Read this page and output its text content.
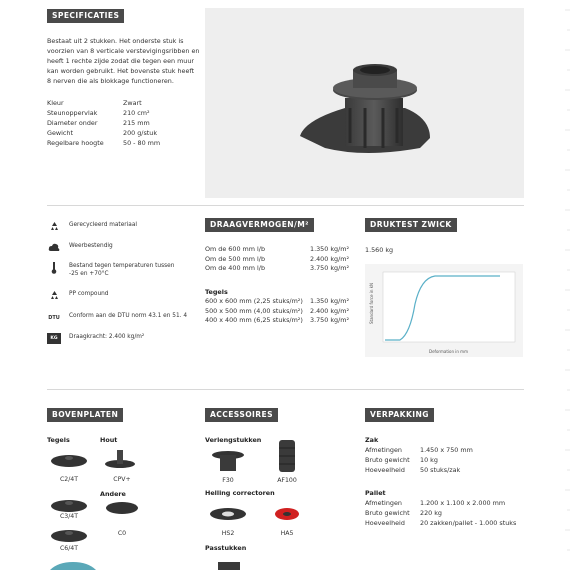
SPECIFICATIES
Bestaat uit 2 stukken. Het onderste stuk is
voorzien van 8 verticale verstevigingsribben en
heeft 1 rechte zijde zodat die tegen een muur
kan worden gebruikt. Het bovenste stuk heeft
8 nerven die als blokkage functioneren.
Kleur	Zwart
Steunoppervlak	210 cm²
Diameter onder	215 mm
Gewicht	200 g/stuk
Regelbare hoogte	50 - 80 mm
Gerecycleerd materiaal
Weerbestendig
Bestand tegen temperaturen tussen
-25 en +70°C
PP compound
DTU Conform aan de DTU norm 43.1 en 51. 4
KG	Draagkracht: 2.400 kg/m²
DRAAGVERMOGEN/M²
Om de 600 mm l/b	1.350 kg/m²
Om de 500 mm l/b	2.400 kg/m²
Om de 400 mm l/b	3.750 kg/m²
Tegels
600 x 600 mm (2,25 stuks/m²)	1.350 kg/m²
500 x 500 mm (4,00 stuks/m²)	2.400 kg/m²
400 x 400 mm (6,25 stuks/m²)	3.750 kg/m²
DRUKTEST ZWICK
1.560 kg
Standard force in kN
Deformation in mm
BOVENPLATEN
Tegels	Hout
Andere
C2/4T	CPV+
C3/4T
C0
C6/4T
ACCESSOIRES
Verlengstukken
F30	AF100
Helling correctoren
HS2	HA5
Passtukken
VERPAKKING
Zak
Afmetingen	1.450 x 750 mm
Bruto gewicht	10 kg
Hoeveelheid	50 stuks/zak
Pallet
Afmetingen	1.200 x 1.100 x 2.000 mm
Bruto gewicht	220 kg
Hoeveelheid	20 zakken/pallet - 1.000 stuks
